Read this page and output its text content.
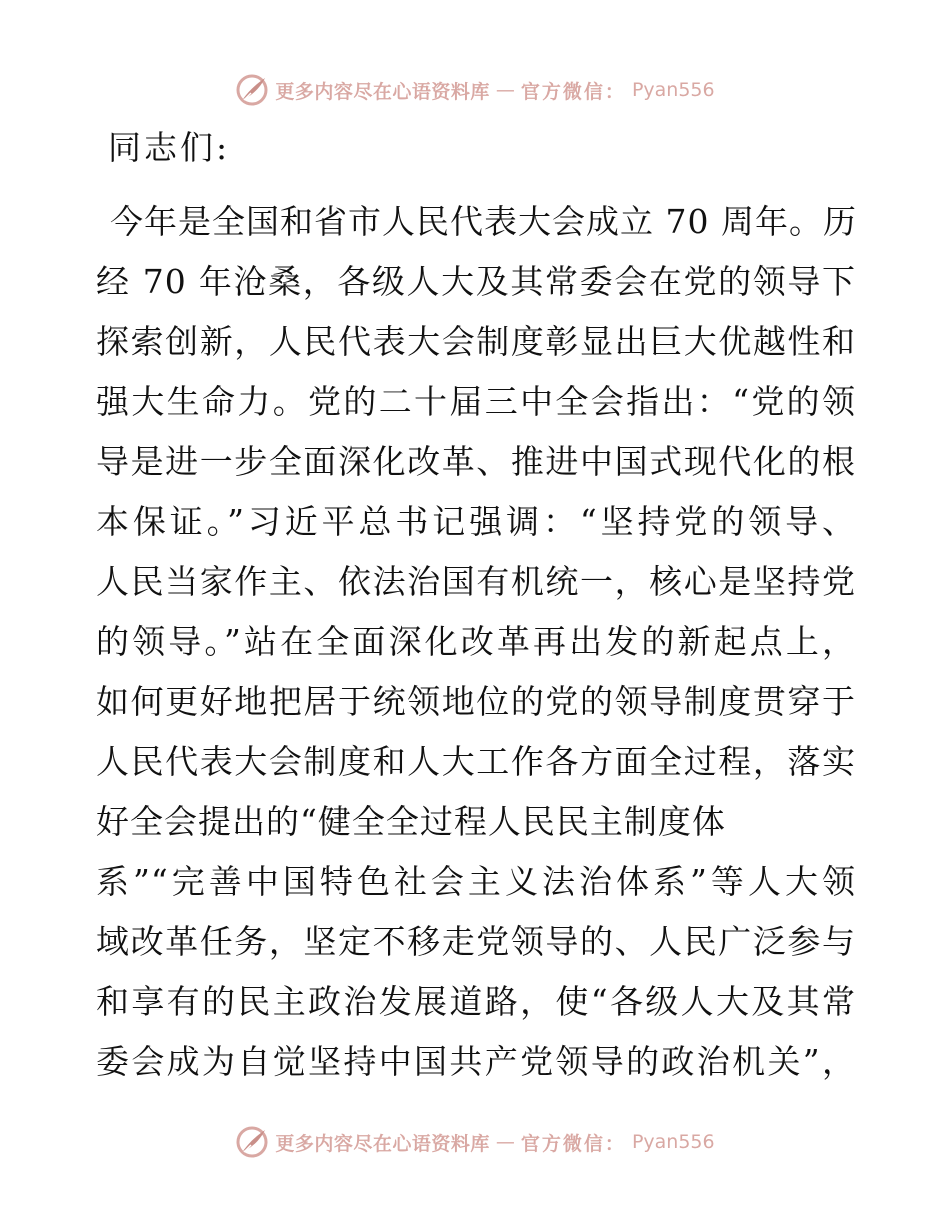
更多内容尽在心语资料库 — 官方微信： Pyan556
同志们:
今年是全国和省市人民代表大会成立 70 周年。历
经 70 年沧桑，各级人大及其常委会在党的领导下
探索创新，人民代表大会制度彰显出巨大优越性和
强大生命力。党的二十届三中全会指出：“党的领
导是进一步全面深化改革、推进中国式现代化的根
本保证。”习近平总书记强调：“坚持党的领导、
人民当家作主、依法治国有机统一，核心是坚持党
的领导。”站在全面深化改革再出发的新起点上，
如何更好地把居于统领地位的党的领导制度贯穿于
人民代表大会制度和人大工作各方面全过程，落实
好全会提出的“健全全过程人民民主制度体
系”“完善中国特色社会主义法治体系”等人大领
域改革任务，坚定不移走党领导的、人民广泛参与
和享有的民主政治发展道路，使“各级人大及其常
委会成为自觉坚持中国共产党领导的政治机关”，
更多内容尽在心语资料库 — 官方微信： Pyan556
